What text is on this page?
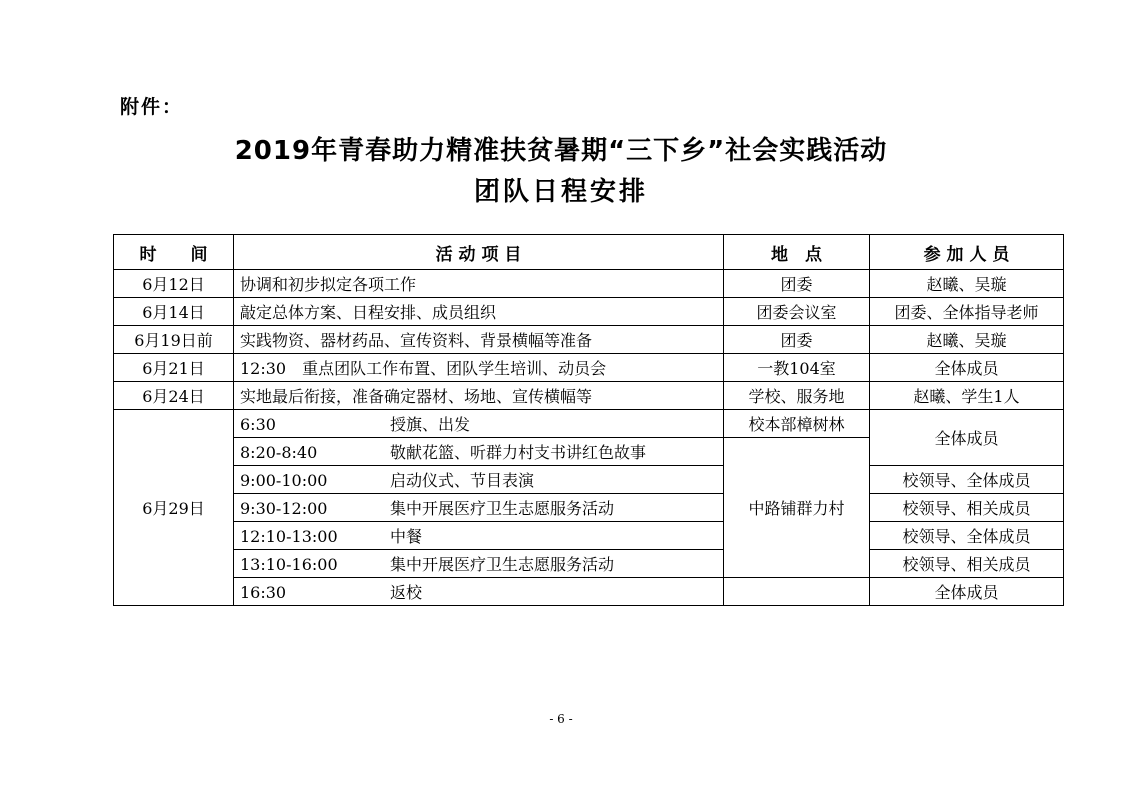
附件：
2019年青春助力精准扶贫暑期“三下乡”社会实践活动
团队日程安排
时　　间	活 动 项 目	地　点	参 加 人 员
6月12日	协调和初步拟定各项工作	团委	赵曦、吴璇
6月14日	敲定总体方案、日程安排、成员组织	团委会议室	团委、全体指导老师
6月19日前	实践物资、器材药品、宣传资料、背景横幅等准备	团委	赵曦、吴璇
6月21日	12:30　重点团队工作布置、团队学生培训、动员会	一教104室	全体成员
6月24日	实地最后衔接，准备确定器材、场地、宣传横幅等	学校、服务地	赵曦、学生1人
6月29日	6:30 授旗、出发	校本部樟树林	全体成员
	8:20-8:40 敬献花篮、听群力村支书讲红色故事	中路铺群力村	
	9:00-10:00 启动仪式、节目表演		校领导、全体成员
	9:30-12:00 集中开展医疗卫生志愿服务活动		校领导、相关成员
	12:10-13:00 中餐		校领导、全体成员
	13:10-16:00 集中开展医疗卫生志愿服务活动		校领导、相关成员
	16:30 返校		全体成员
- 6 -
